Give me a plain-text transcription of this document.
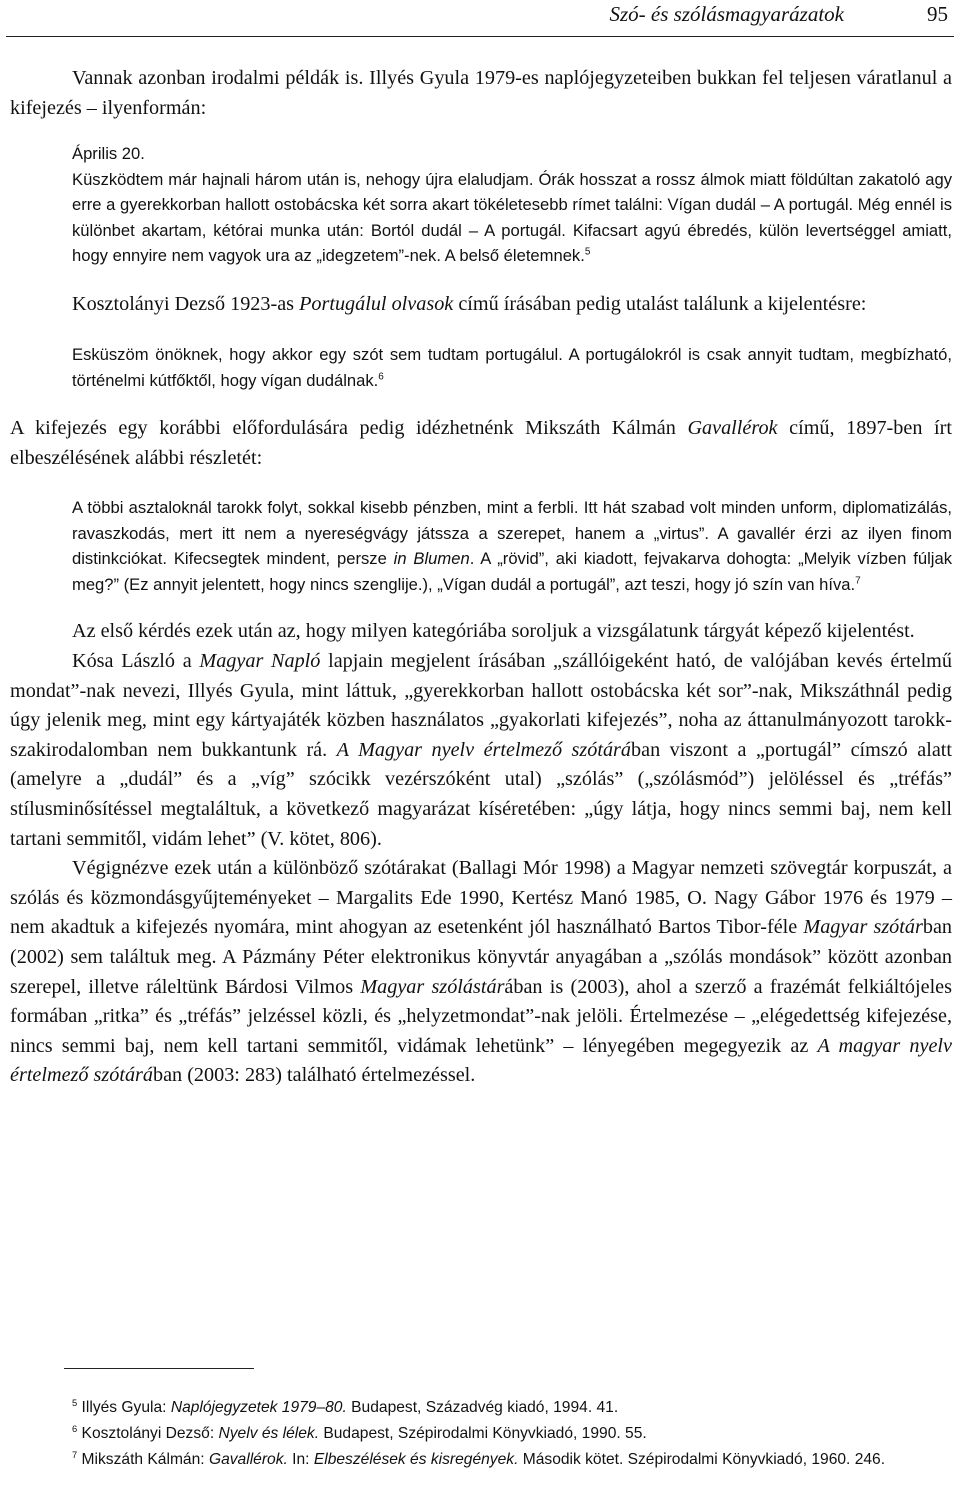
Szó- és szólásmagyarázatok	95

Vannak azonban irodalmi példák is. Illyés Gyula 1979-es naplójegyzeteiben bukkan fel teljesen váratlanul a kifejezés – ilyenformán:

Április 20.

Küszködtem már hajnali három után is, nehogy újra elaludjam. Órák hosszat a rossz álmok miatt földúltan zakatoló agy erre a gyerekkorban hallott ostobácska két sorra akart tökéletesebb rímet találni: Vígan dudál – A portugál. Még ennél is különbet akartam, kétórai munka után: Bortól dudál – A portugál. Kifacsart agyú ébredés, külön levertséggel amiatt, hogy ennyire nem vagyok ura az „idegzetem”-nek. A belső életemnek.$^5$

Kosztolányi Dezső 1923-as Portugálul olvasok című írásában pedig utalást találunk a kijelentésre:

Esküszöm önöknek, hogy akkor egy szót sem tudtam portugálul. A portugálokról is csak annyit tudtam, megbízható, történelmi kútfőktől, hogy vígan dudálnak.$^6$

A kifejezés egy korábbi előfordulására pedig idézhetnénk Mikszáth Kálmán Gavallérok című, 1897-ben írt elbeszélésének alábbi részletét:

A többi asztaloknál tarokk folyt, sokkal kisebb pénzben, mint a ferbli. Itt hát szabad volt minden unform, diplomatizálás, ravaszkodás, mert itt nem a nyereségvágy játssza a szerepet, hanem a „virtus”. A gavallér érzi az ilyen finom distinkciókat. Kifecsegtek mindent, persze in Blumen. A „rövid”, aki kiadott, fejvakarva dohogta: „Melyik vízben fúljak meg?” (Ez annyit jelentett, hogy nincs szenglije.), „Vígan dudál a portugál”, azt teszi, hogy jó szín van híva.$^7$

Az első kérdés ezek után az, hogy milyen kategóriába soroljuk a vizsgálatunk tárgyát képező kijelentést.

Kósa László a Magyar Napló lapjain megjelent írásában „szállóigeként ható, de valójában kevés értelmű mondat”-nak nevezi, Illyés Gyula, mint láttuk, „gyerekkorban hallott ostobácska két sor”-nak, Mikszáthnál pedig úgy jelenik meg, mint egy kártyajáték közben használatos „gyakorlati kifejezés”, noha az áttanulmányozott tarokk-szakirodalomban nem bukkantunk rá. A Magyar nyelv értelmező szótárában viszont a „portugál” címszó alatt (amelyre a „dudál” és a „víg” szócikk vezérszóként utal) „szólás” („szólásmód”) jelöléssel és „tréfás” stílusminősítéssel megtaláltuk, a következő magyarázat kíséretében: „úgy látja, hogy nincs semmi baj, nem kell tartani semmitől, vidám lehet” (V. kötet, 806).

Végignézve ezek után a különböző szótárakat (Ballagi Mór 1998) a Magyar nemzeti szövegtár korpuszát, a szólás és közmondásgyűjteményeket – Margalits Ede 1990, Kertész Manó 1985, O. Nagy Gábor 1976 és 1979 – nem akadtuk a kifejezés nyomára, mint ahogyan az esetenként jól használható Bartos Tibor-féle Magyar szótárban (2002) sem találtuk meg. A Pázmány Péter elektronikus könyvtár anyagában a „szólás mondások” között azonban szerepel, illetve ráleltünk Bárdosi Vilmos Magyar szólástárában is (2003), ahol a szerző a frazémát felkiáltójeles formában „ritka” és „tréfás” jelzéssel közli, és „helyzetmondat”-nak jelöli. Értelmezése – „elégedettség kifejezése, nincs semmi baj, nem kell tartani semmitől, vidámak lehetünk” – lényegében megegyezik az A magyar nyelv értelmező szótárában (2003: 283) található értelmezéssel.

$^5$ Illyés Gyula: Naplójegyzetek 1979–80. Budapest, Századvég kiadó, 1994. 41.

$^6$ Kosztolányi Dezső: Nyelv és lélek. Budapest, Szépirodalmi Könyvkiadó, 1990. 55.

$^7$ Mikszáth Kálmán: Gavallérok. In: Elbeszélések és kisregények. Második kötet. Szépirodalmi Könyvkiadó, 1960. 246.
